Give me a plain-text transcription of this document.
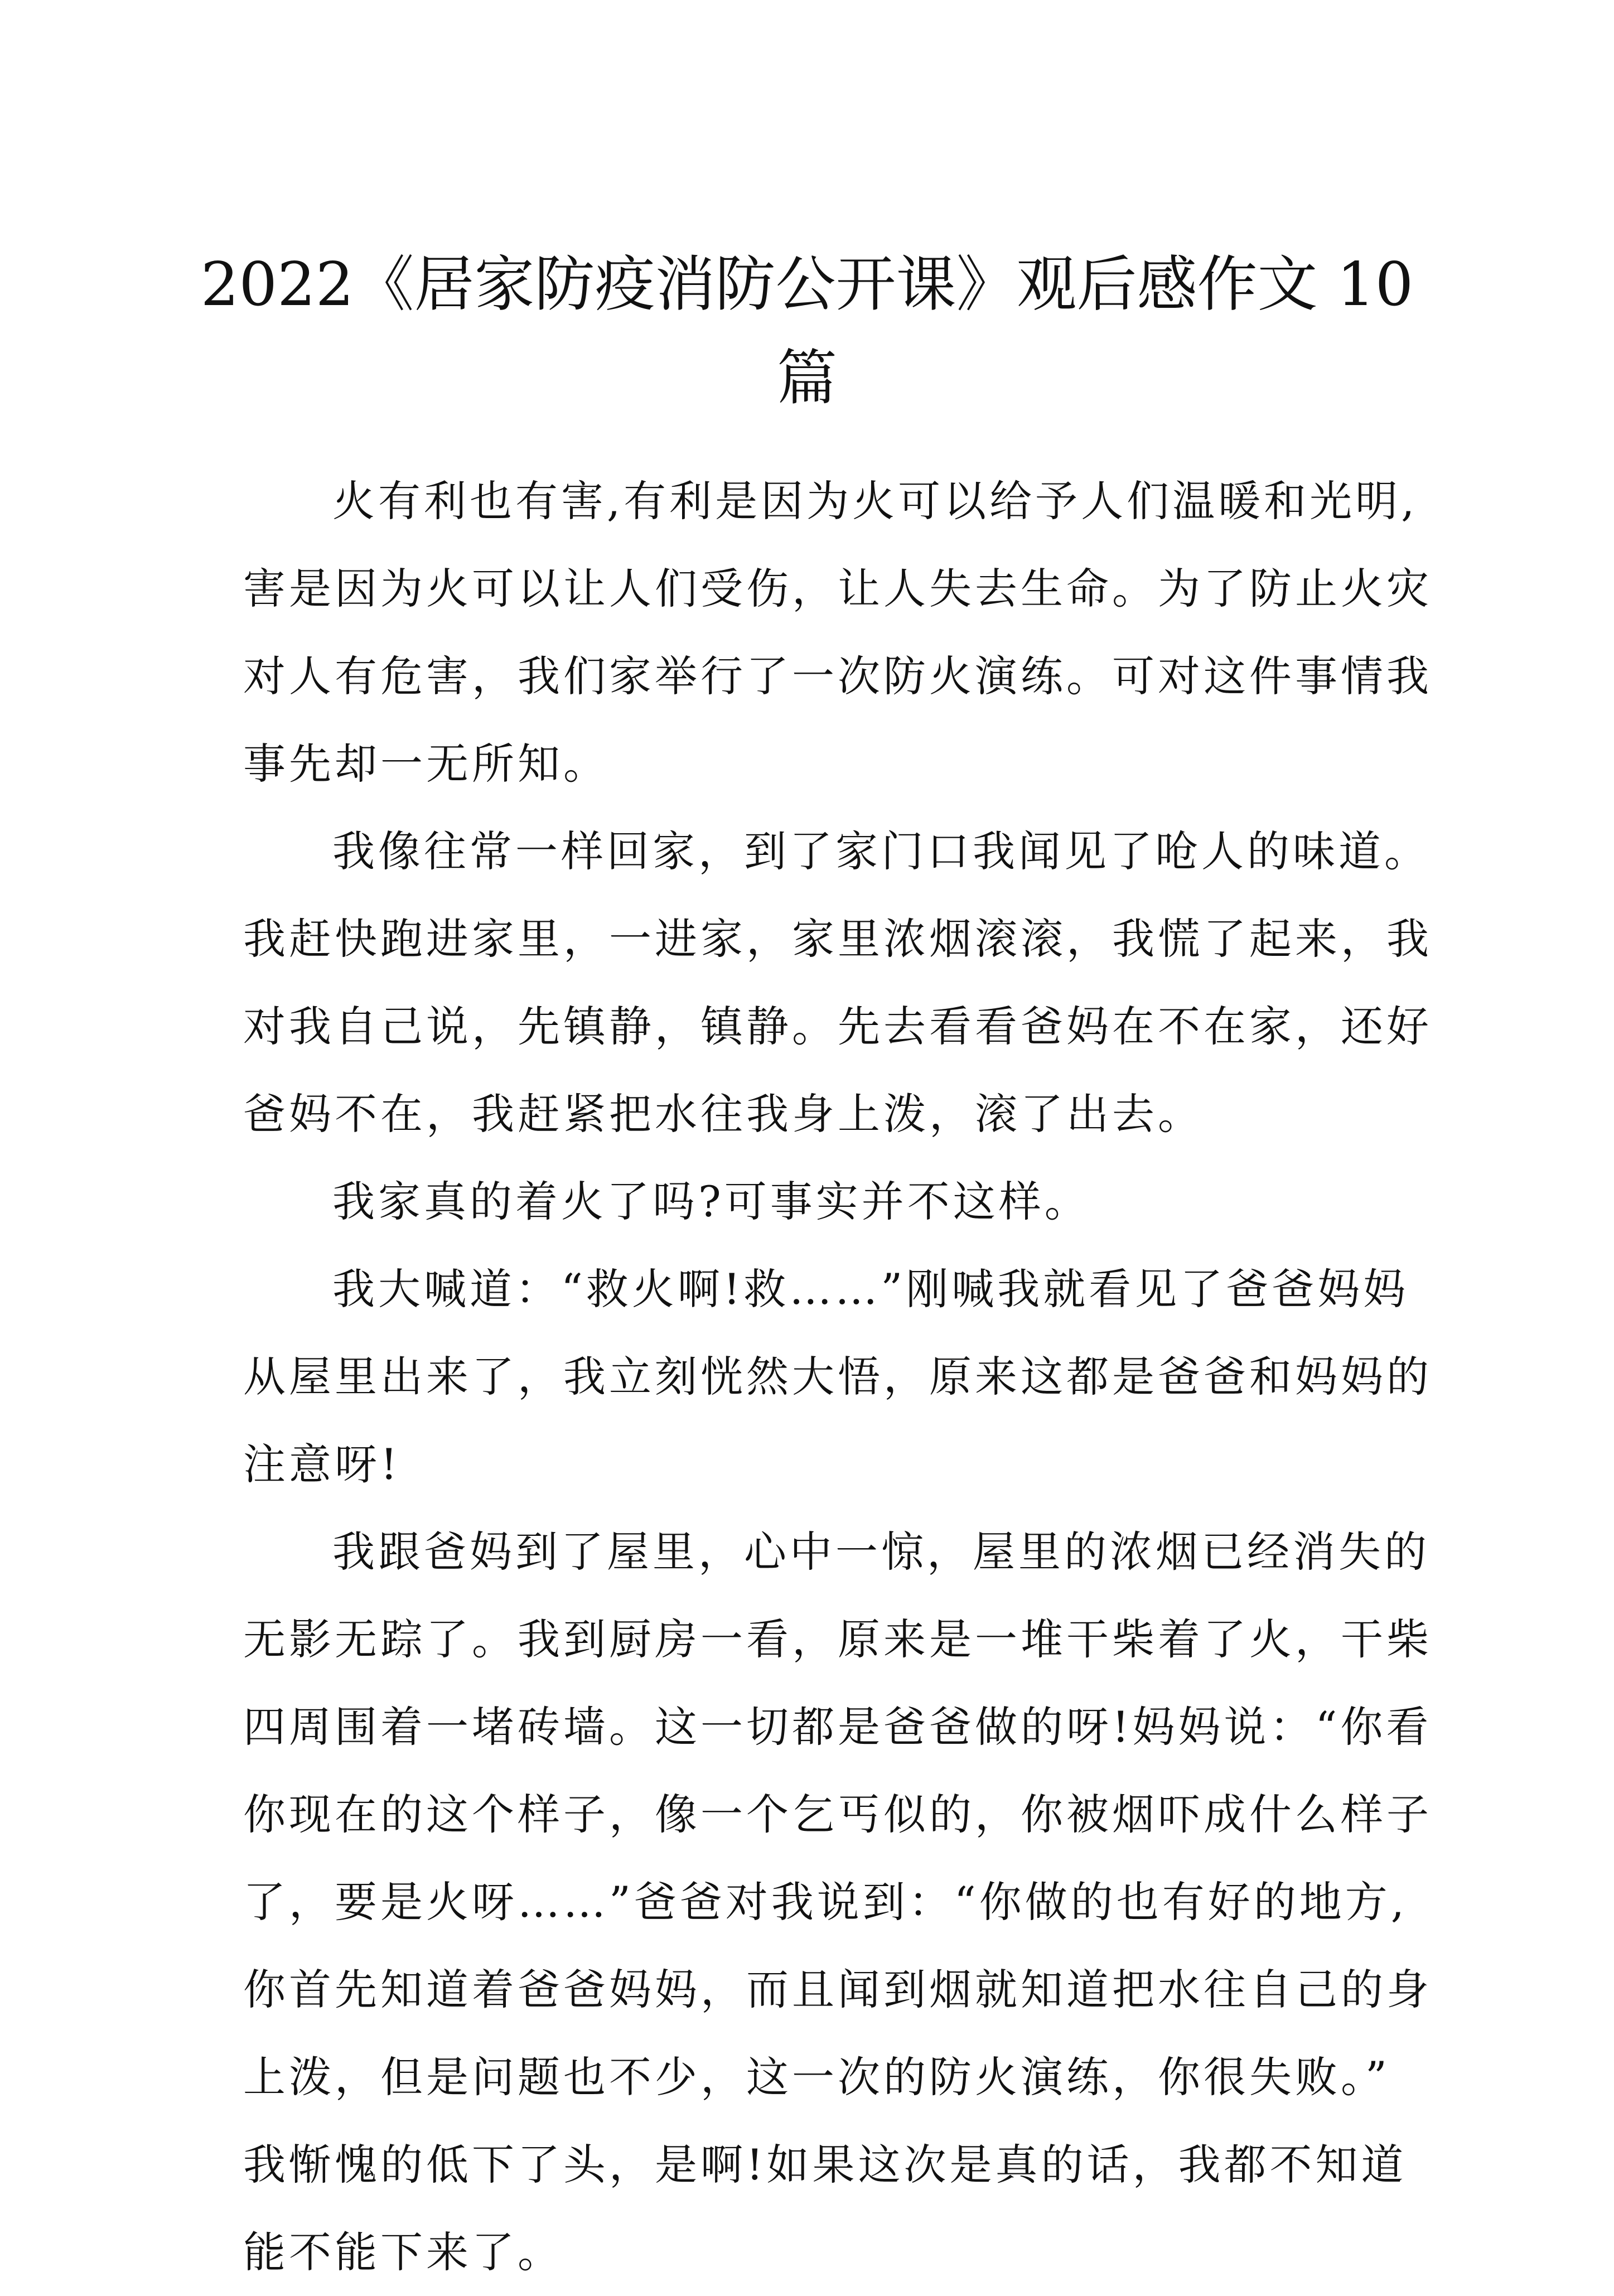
2022《居家防疫消防公开课》观后感作文 10
篇
火有利也有害,有利是因为火可以给予人们温暖和光明,
害是因为火可以让人们受伤，让人失去生命。为了防止火灾
对人有危害，我们家举行了一次防火演练。可对这件事情我
事先却一无所知。
我像往常一样回家，到了家门口我闻见了呛人的味道。
我赶快跑进家里，一进家，家里浓烟滚滚，我慌了起来，我
对我自己说，先镇静，镇静。先去看看爸妈在不在家，还好
爸妈不在，我赶紧把水往我身上泼，滚了出去。
我家真的着火了吗?可事实并不这样。
我大喊道：“救火啊!救……”刚喊我就看见了爸爸妈妈
从屋里出来了，我立刻恍然大悟，原来这都是爸爸和妈妈的
注意呀!
我跟爸妈到了屋里，心中一惊，屋里的浓烟已经消失的
无影无踪了。我到厨房一看，原来是一堆干柴着了火，干柴
四周围着一堵砖墙。这一切都是爸爸做的呀!妈妈说：“你看
你现在的这个样子，像一个乞丐似的，你被烟吓成什么样子
了，要是火呀……”爸爸对我说到：“你做的也有好的地方,
你首先知道着爸爸妈妈，而且闻到烟就知道把水往自己的身
上泼，但是问题也不少，这一次的防火演练，你很失败。”
我惭愧的低下了头，是啊!如果这次是真的话，我都不知道
能不能下来了。
